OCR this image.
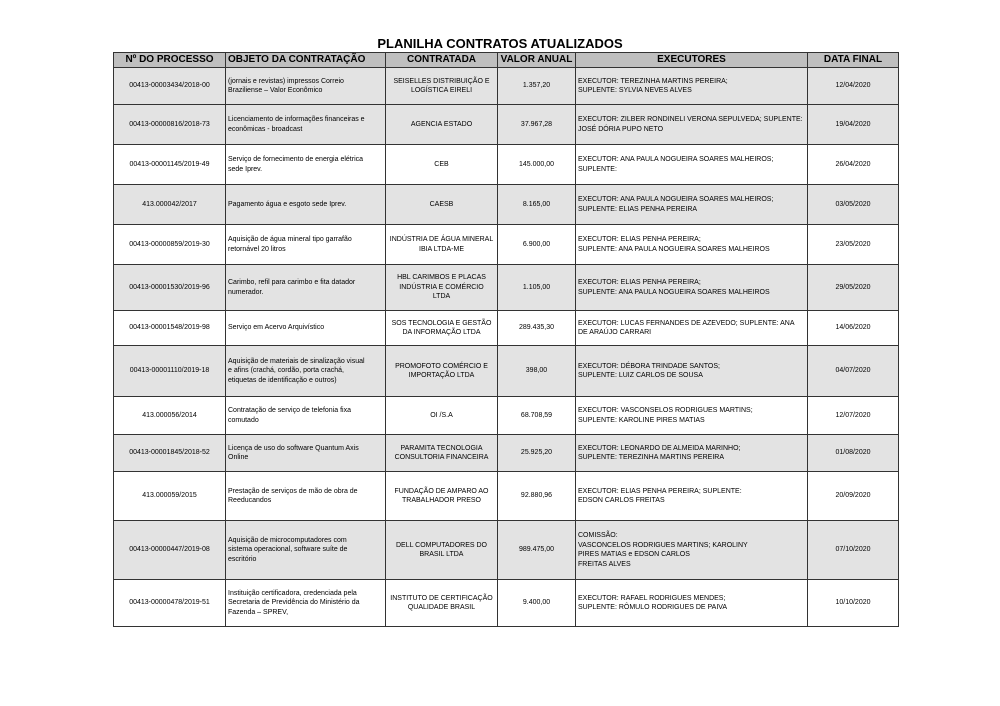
PLANILHA CONTRATOS ATUALIZADOS
Nº DO PROCESSO	OBJETO DA CONTRATAÇÃO	CONTRATADA	VALOR ANUAL	EXECUTORES	DATA FINAL
00413-00003434/2018-00	(jornais e revistas) impressos Correio
Braziliense – Valor Econômico	SEISELLES DISTRIBUIÇÃO E
LOGÍSTICA EIRELI	1.357,20	EXECUTOR: TEREZINHA MARTINS PEREIRA;
SUPLENTE: SYLVIA NEVES ALVES	12/04/2020
00413-00000816/2018-73	Licenciamento de informações financeiras e
econômicas - broadcast	AGENCIA ESTADO	37.967,28	EXECUTOR: ZILBER RONDINELI VERONA SEPULVEDA; SUPLENTE:
JOSÉ DÓRIA PUPO NETO	19/04/2020
00413-00001145/2019-49	Serviço de fornecimento de energia elétrica
sede Iprev.	CEB	145.000,00	EXECUTOR: ANA PAULA NOGUEIRA SOARES MALHEIROS;
SUPLENTE:	26/04/2020
413.000042/2017	Pagamento água e esgoto sede Iprev.	CAESB	8.165,00	EXECUTOR: ANA PAULA NOGUEIRA SOARES MALHEIROS;
SUPLENTE: ELIAS PENHA PEREIRA	03/05/2020
00413-00000859/2019-30	Aquisição de água mineral tipo garrafão
retornável 20 litros	INDÚSTRIA DE ÁGUA MINERAL
IBIA LTDA-ME	6.900,00	EXECUTOR: ELIAS PENHA PEREIRA;
SUPLENTE: ANA PAULA NOGUEIRA SOARES MALHEIROS	23/05/2020
00413-00001530/2019-96	Carimbo, refil para carimbo e fita datador
numerador.	HBL CARIMBOS E PLACAS
INDÚSTRIA E COMÉRCIO
LTDA	1.105,00	EXECUTOR: ELIAS PENHA PEREIRA;
SUPLENTE: ANA PAULA NOGUEIRA SOARES MALHEIROS	29/05/2020
00413-00001548/2019-98	Serviço em Acervo Arquivístico	SOS TECNOLOGIA E GESTÃO
DA INFORMAÇÃO LTDA	289.435,30	EXECUTOR: LUCAS FERNANDES DE AZEVEDO; SUPLENTE: ANA
DE ARAÚJO CARRARI	14/06/2020
00413-00001110/2019-18	Aquisição de materiais de sinalização visual
e afins (crachá, cordão, porta crachá,
etiquetas de identificação e outros)	PROMOFOTO COMÉRCIO E
IMPORTAÇÃO LTDA	398,00	EXECUTOR: DÉBORA TRINDADE SANTOS;
SUPLENTE: LUIZ CARLOS DE SOUSA	04/07/2020
413.000056/2014	Contratação de serviço de telefonia fixa
comutado	OI /S.A	68.708,59	EXECUTOR: VASCONSELOS RODRIGUES MARTINS;
SUPLENTE: KAROLINE PIRES MATIAS	12/07/2020
00413-00001845/2018-52	Licença de uso do software Quantum Axis
Online	PARAMITA TECNOLOGIA
CONSULTORIA FINANCEIRA	25.925,20	EXECUTOR: LEONARDO DE ALMEIDA MARINHO;
SUPLENTE: TEREZINHA MARTINS PEREIRA	01/08/2020
413.000059/2015	Prestação de serviços de mão de obra de
Reeducandos	FUNDAÇÃO DE AMPARO AO
TRABALHADOR PRESO	92.880,96	EXECUTOR: ELIAS PENHA PEREIRA; SUPLENTE:
EDSON CARLOS FREITAS	20/09/2020
00413-00000447/2019-08	Aquisição de microcomputadores com
sistema operacional, software suíte de
escritório	DELL COMPUTADORES DO
BRASIL LTDA	989.475,00	COMISSÃO:
VASCONCELOS RODRIGUES MARTINS; KAROLINY
PIRES MATIAS e EDSON CARLOS
FREITAS ALVES	07/10/2020
00413-00000478/2019-51	Instituição certificadora, credenciada pela
Secretaria de Previdência do Ministério da
Fazenda – SPREV,	INSTITUTO DE CERTIFICAÇÃO
QUALIDADE BRASIL	9.400,00	EXECUTOR: RAFAEL RODRIGUES MENDES;
SUPLENTE: RÔMULO RODRIGUES DE PAIVA	10/10/2020
